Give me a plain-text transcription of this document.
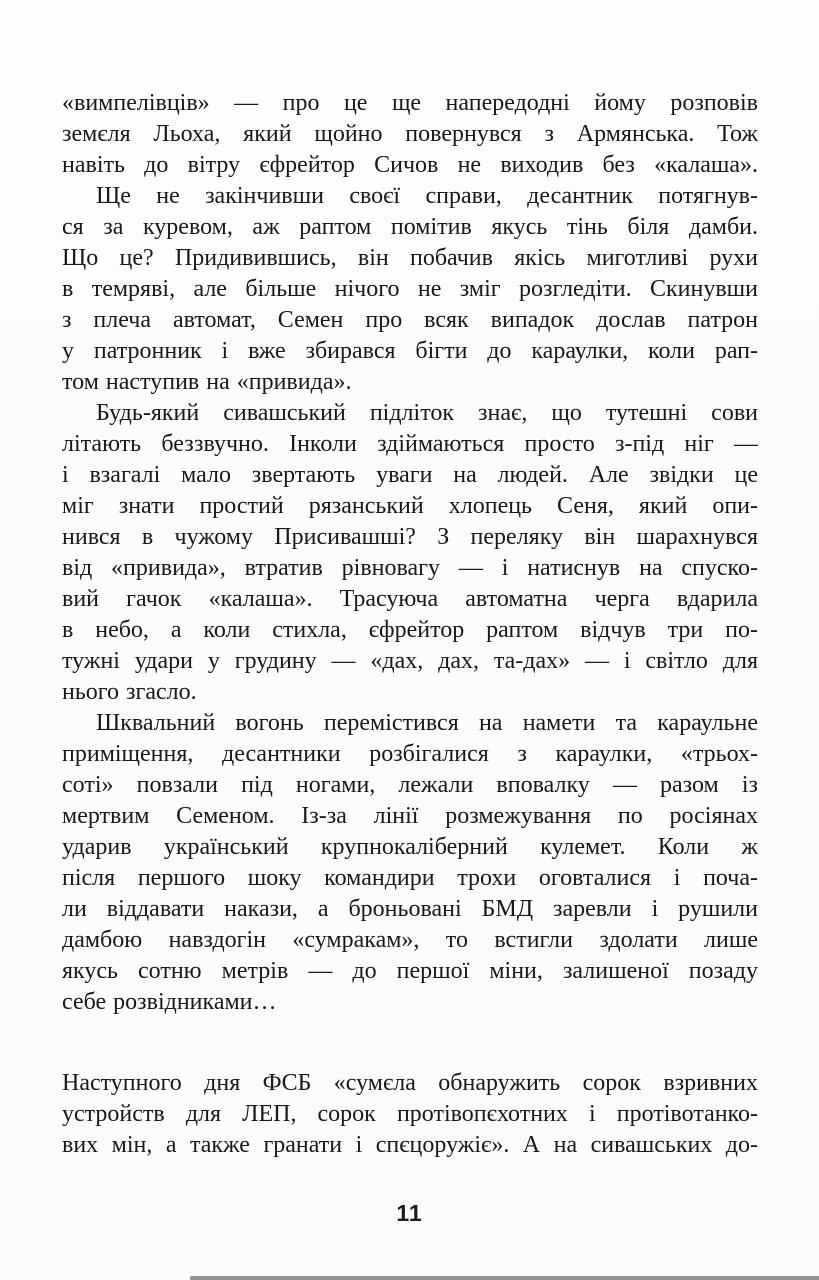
«вимпелівців» — про це ще напередодні йому розповів
земєля Льоха, який щойно повернувся з Армянська. Тож
навіть до вітру єфрейтор Сичов не виходив без «калаша».
Ще не закінчивши своєї справи, десантник потягнув-
ся за куревом, аж раптом помітив якусь тінь біля дамби.
Що це? Придивившись, він побачив якісь миготливі рухи
в темряві, але більше нічого не зміг розгледіти. Скинувши
з плеча автомат, Семен про всяк випадок дослав патрон
у патронник і вже збирався бігти до караулки, коли рап-
том наступив на «привида».
Будь-який сивашський підліток знає, що тутешні сови
літають беззвучно. Інколи здіймаються просто з-під ніг —
і взагалі мало звертають уваги на людей. Але звідки це
міг знати простий рязанський хлопець Сеня, який опи-
нився в чужому Присивашші? З переляку він шарахнувся
від «привида», втратив рівновагу — і натиснув на спуско-
вий гачок «калаша». Трасуюча автоматна черга вдарила
в небо, а коли стихла, єфрейтор раптом відчув три по-
тужні удари у грудину — «дах, дах, та-дах» — і світло для
нього згасло.
Шквальний вогонь перемістився на намети та караульне
приміщення, десантники розбігалися з караулки, «трьох-
соті» повзали під ногами, лежали вповалку — разом із
мертвим Семеном. Із-за лінії розмежування по росіянах
ударив український крупнокаліберний кулемет. Коли ж
після першого шоку командири трохи оговталися і поча-
ли віддавати накази, а броньовані БМД заревли і рушили
дамбою навздогін «сумракам», то встигли здолати лише
якусь сотню метрів — до першої міни, залишеної позаду
себе розвідниками…
Наступного дня ФСБ «сумєла обнаружить сорок взривних
устройств для ЛЕП, сорок протівопєхотних і протівотанко-
вих мін, а также гранати і спєцоружіє». А на сивашських до-
11
